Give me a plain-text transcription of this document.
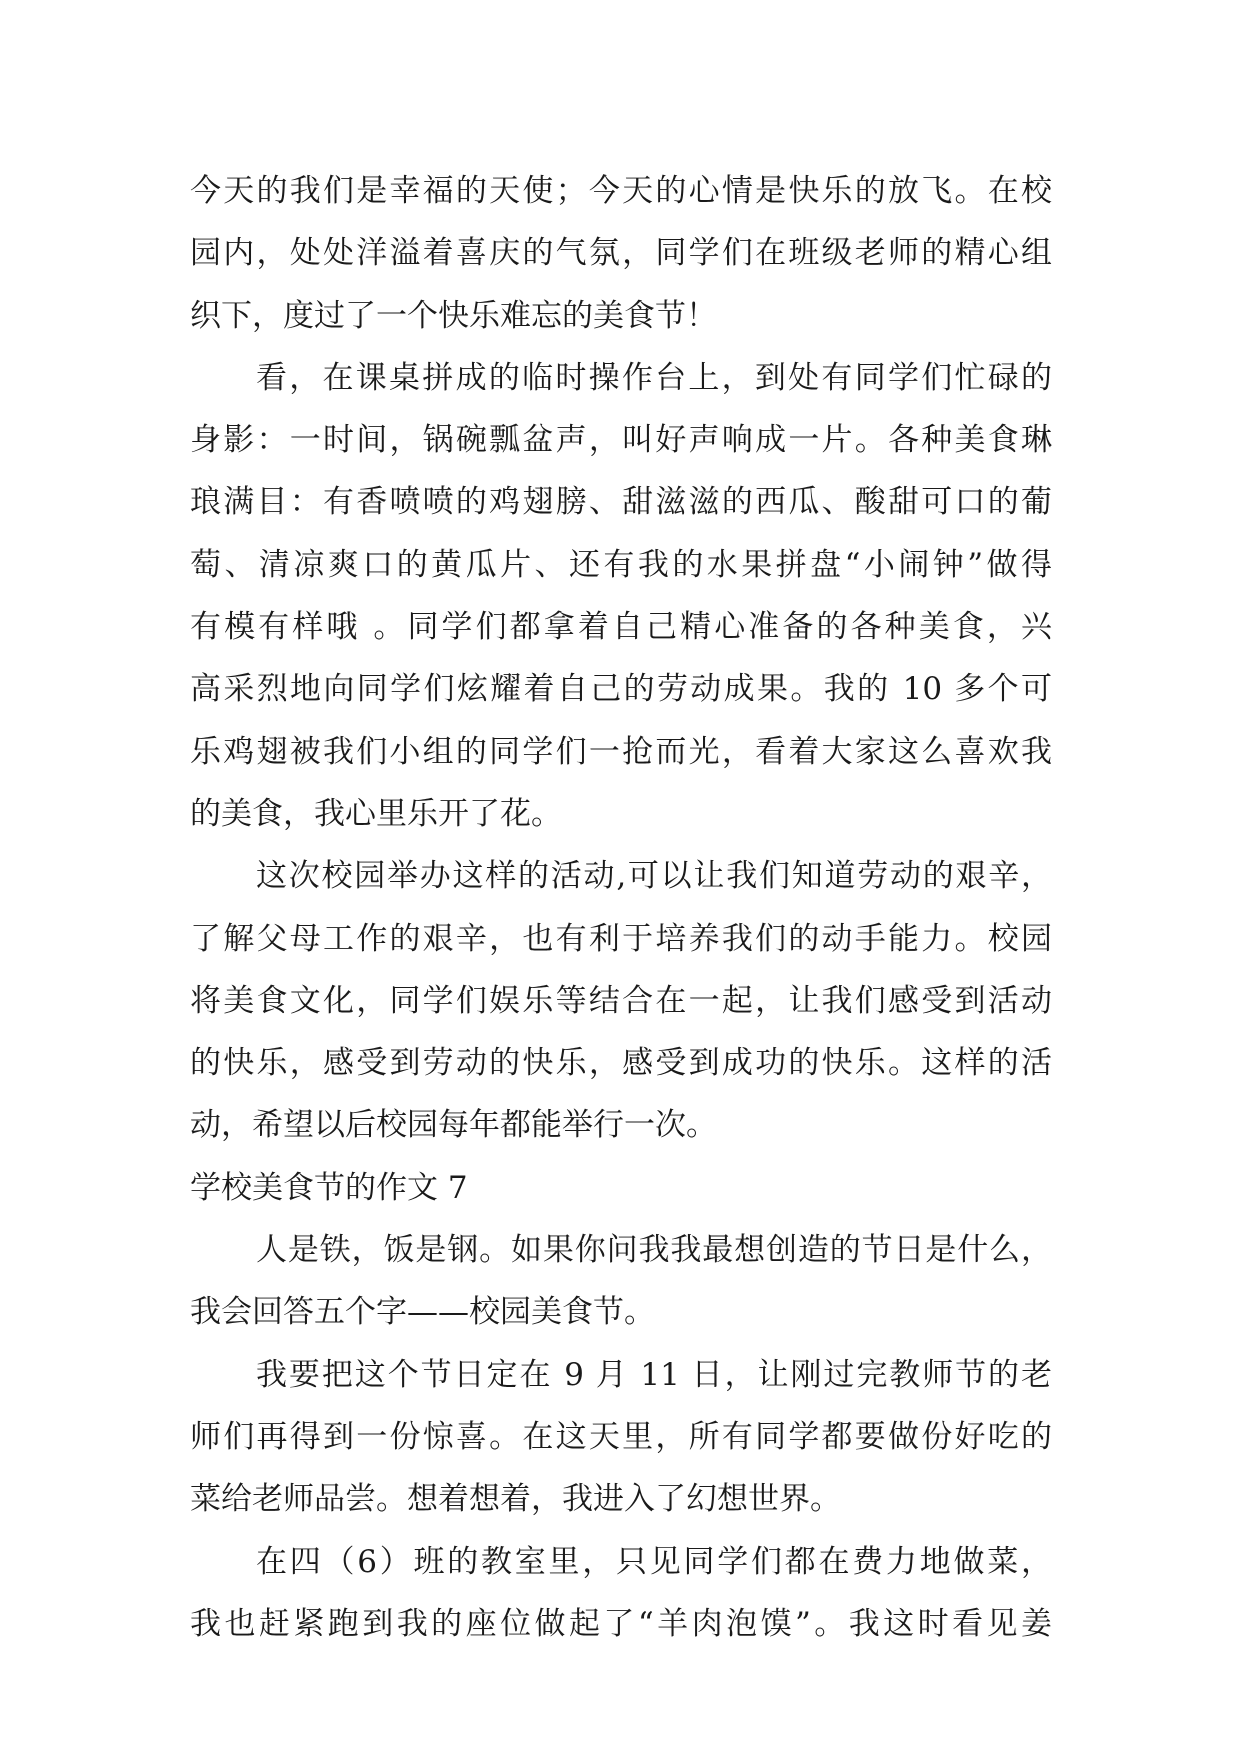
今天的我们是幸福的天使；今天的心情是快乐的放飞。在校
园内，处处洋溢着喜庆的气氛，同学们在班级老师的精心组
织下，度过了一个快乐难忘的美食节！
看，在课桌拼成的临时操作台上，到处有同学们忙碌的
身影：一时间，锅碗瓢盆声，叫好声响成一片。各种美食琳
琅满目：有香喷喷的鸡翅膀、甜滋滋的西瓜、酸甜可口的葡
萄、清凉爽口的黄瓜片、还有我的水果拼盘“小闹钟”做得
有模有样哦 。同学们都拿着自己精心准备的各种美食，兴
高采烈地向同学们炫耀着自己的劳动成果。我的 10 多个可
乐鸡翅被我们小组的同学们一抢而光，看着大家这么喜欢我
的美食，我心里乐开了花。
这次校园举办这样的活动,可以让我们知道劳动的艰辛，
了解父母工作的艰辛，也有利于培养我们的动手能力。校园
将美食文化，同学们娱乐等结合在一起，让我们感受到活动
的快乐，感受到劳动的快乐，感受到成功的快乐。这样的活
动，希望以后校园每年都能举行一次。
学校美食节的作文 7
人是铁，饭是钢。如果你问我我最想创造的节日是什么，
我会回答五个字——校园美食节。
我要把这个节日定在 9 月 11 日，让刚过完教师节的老
师们再得到一份惊喜。在这天里，所有同学都要做份好吃的
菜给老师品尝。想着想着，我进入了幻想世界。
在四（6）班的教室里，只见同学们都在费力地做菜，
我也赶紧跑到我的座位做起了“羊肉泡馍”。我这时看见姜
